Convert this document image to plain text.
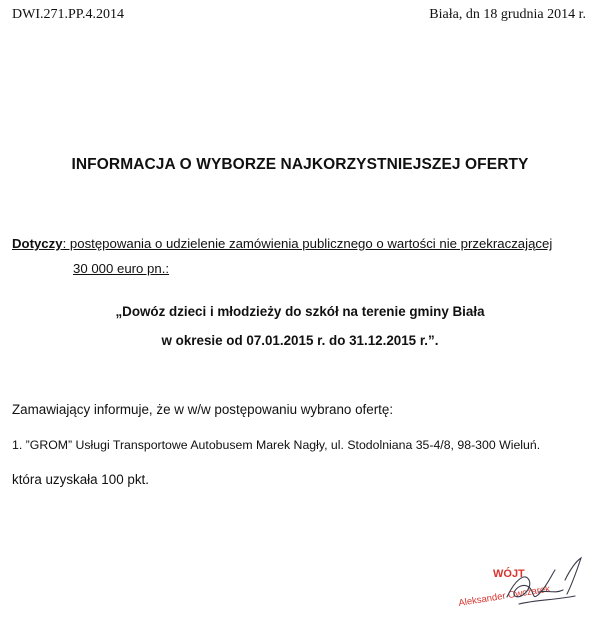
DWI.271.PP.4.2014	Biała, dn 18 grudnia 2014 r.
INFORMACJA O WYBORZE NAJKORZYSTNIEJSZEJ OFERTY
Dotyczy: postępowania o udzielenie zamówienia publicznego o wartości nie przekraczającej
30 000 euro pn.:
„Dowóz dzieci i młodzieży do szkół na terenie gminy Biała
w okresie od 07.01.2015 r. do 31.12.2015 r.”.
Zamawiający informuje, że w w/w postępowaniu wybrano ofertę:
1. ”GROM” Usługi Transportowe Autobusem Marek Nagły, ul. Stodolniana 35-4/8, 98-300 Wieluń.
która uzyskała 100 pkt.
WÓJT
Aleksander Owczarek
